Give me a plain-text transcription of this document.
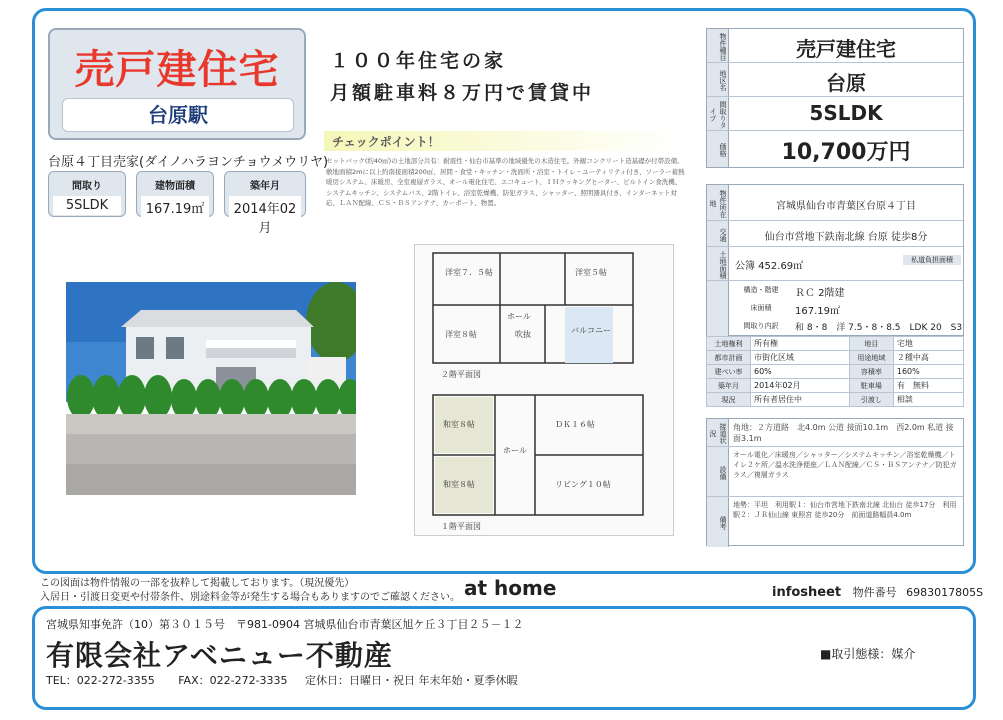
売戸建住宅
台原駅
台原４丁目売家(ダイノハラヨンチョウメウリヤ)
間取り
5SLDK
建物面積
167.19㎡
築年月
2014年02月
１００年住宅の家
月額駐車料８万円で賃貸中
チェックポイント！
セットバック(約40㎡)の土地部分共有：耐震性・仙台市基準の地域優先の木造住宅。外観コンクリート造基礎が付帯設備。敷地面積2mに以上約南接面積200㎡、居間・食堂・キッチン・洗面所・浴室・トイレ・ユーティリティ付き、ソーラー蓄熱暖房システム、床暖房、全室複層ガラス、オール電化住宅、エコキュート、ＩＨクッキングヒーター、ビルトイン食洗機、システムキッチン、システムバス、2階トイレ、浴室乾燥機、防犯ガラス、シャッター、照明器具付き、インターネット対応、ＬＡＮ配線、ＣＳ・ＢＳアンテナ、カーポート、物置。
洋室７．５帖	洋室５帖
洋室８帖
ホール
吹抜	バルコニー
２階平面図
和室８帖
和室８帖
ＤＫ１６帖
リビング１０帖
ホール
１階平面図
物件種目	売戸建住宅
地区名	台原
間取りタイプ	5SLDK
価格	10,700万円
物件所在地	宮城県仙台市青葉区台原４丁目
交通	仙台市営地下鉄南北線 台原 徒歩8分
土地面積 公簿 452.69㎡
私道負担面積
構造・階建	ＲＣ 2階建
床面積	167.19㎡
間取り内訳	和 8・8　洋 7.5・8・8.5　LDK 20　S3
土地権利	所有権	地目	宅地
都市計画	市街化区域	用途地域	２種中高
建ぺい率	60%	容積率	160%
築年月	2014年02月	駐車場	有　無料
現況	所有者居住中	引渡し	相談
接道状況
角地：２方道路　北4.0m 公道 接面10.1m　西2.0m 私道 接面3.1m
設備
オール電化／床暖房／シャッター／システムキッチン／浴室乾燥機／トイレ２ケ所／温水洗浄便座／ＬＡＮ配線／ＣＳ・ＢＳアンテナ／防犯ガラス／複層ガラス
備考
地勢：平坦　利用駅１：仙台市営地下鉄南北線 北仙台 徒歩17分　利用駅２：ＪＲ仙山線 東照宮 徒歩20分　前面道路幅員4.0m
この図面は物件情報の一部を抜粋して掲載しております。（現況優先）
入居日・引渡日変更や付帯条件、別途料金等が発生する場合もありますのでご確認ください。 at home	infosheet 物件番号 6983017805S
宮城県知事免許（10）第３０１５号　〒981-0904 宮城県仙台市青葉区旭ケ丘３丁目２５－１２
有限会社アベニュー不動産
TEL：022-272-3355 FAX：022-272-3335 定休日：日曜日・祝日 年末年始・夏季休暇
■取引態様：媒介
